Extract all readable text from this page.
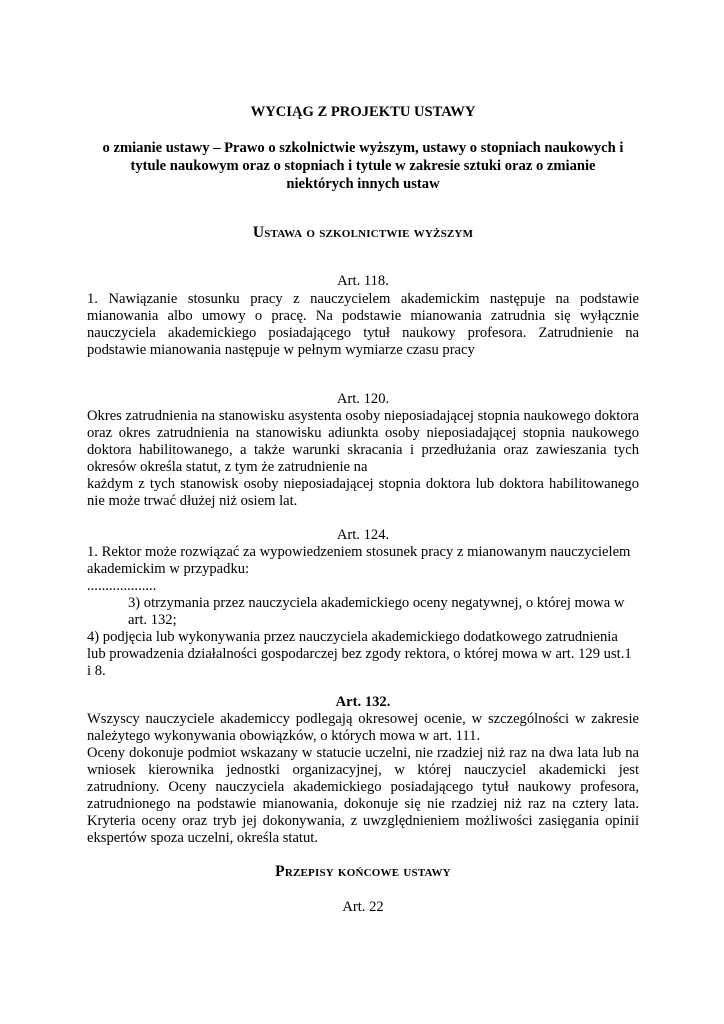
WYCIĄG Z PROJEKTU USTAWY

o zmianie ustawy – Prawo o szkolnictwie wyższym, ustawy o stopniach naukowych i

tytule naukowym oraz o stopniach i tytule w zakresie sztuki oraz o zmianie

niektórych innych ustaw

Ustawa o szkolnictwie wyższym
Art. 118.
1. Nawiązanie stosunku pracy z nauczycielem akademickim następuje na podstawie mianowania albo umowy o pracę. Na podstawie mianowania zatrudnia się wyłącznie nauczyciela akademickiego posiadającego tytuł naukowy profesora. Zatrudnienie na podstawie mianowania następuje w pełnym wymiarze czasu pracy
Art. 120.
Okres zatrudnienia na stanowisku asystenta osoby nieposiadającej stopnia naukowego doktora oraz okres zatrudnienia na stanowisku adiunkta osoby nieposiadającej stopnia naukowego doktora habilitowanego, a także warunki skracania i przedłużania oraz zawieszania tych okresów określa statut, z tym że zatrudnienie na
każdym z tych stanowisk osoby nieposiadającej stopnia doktora lub doktora habilitowanego nie może trwać dłużej niż osiem lat.
Art. 124.
1. Rektor może rozwiązać za wypowiedzeniem stosunek pracy z mianowanym nauczycielem akademickim w przypadku:
...................
3) otrzymania przez nauczyciela akademickiego oceny negatywnej, o której mowa w art. 132;
4) podjęcia lub wykonywania przez nauczyciela akademickiego dodatkowego zatrudnienia lub prowadzenia działalności gospodarczej bez zgody rektora, o której mowa w art. 129 ust.1 i 8.
Art. 132.
Wszyscy nauczyciele akademiccy podlegają okresowej ocenie, w szczególności w zakresie należytego wykonywania obowiązków, o których mowa w art. 111.
Oceny dokonuje podmiot wskazany w statucie uczelni, nie rzadziej niż raz na dwa lata lub na wniosek kierownika jednostki organizacyjnej, w której nauczyciel akademicki jest zatrudniony. Oceny nauczyciela akademickiego posiadającego tytuł naukowy profesora, zatrudnionego na podstawie mianowania, dokonuje się nie rzadziej niż raz na cztery lata. Kryteria oceny oraz tryb jej dokonywania, z uwzględnieniem możliwości zasięgania opinii ekspertów spoza uczelni, określa statut.
Przepisy końcowe ustawy
Art. 22
